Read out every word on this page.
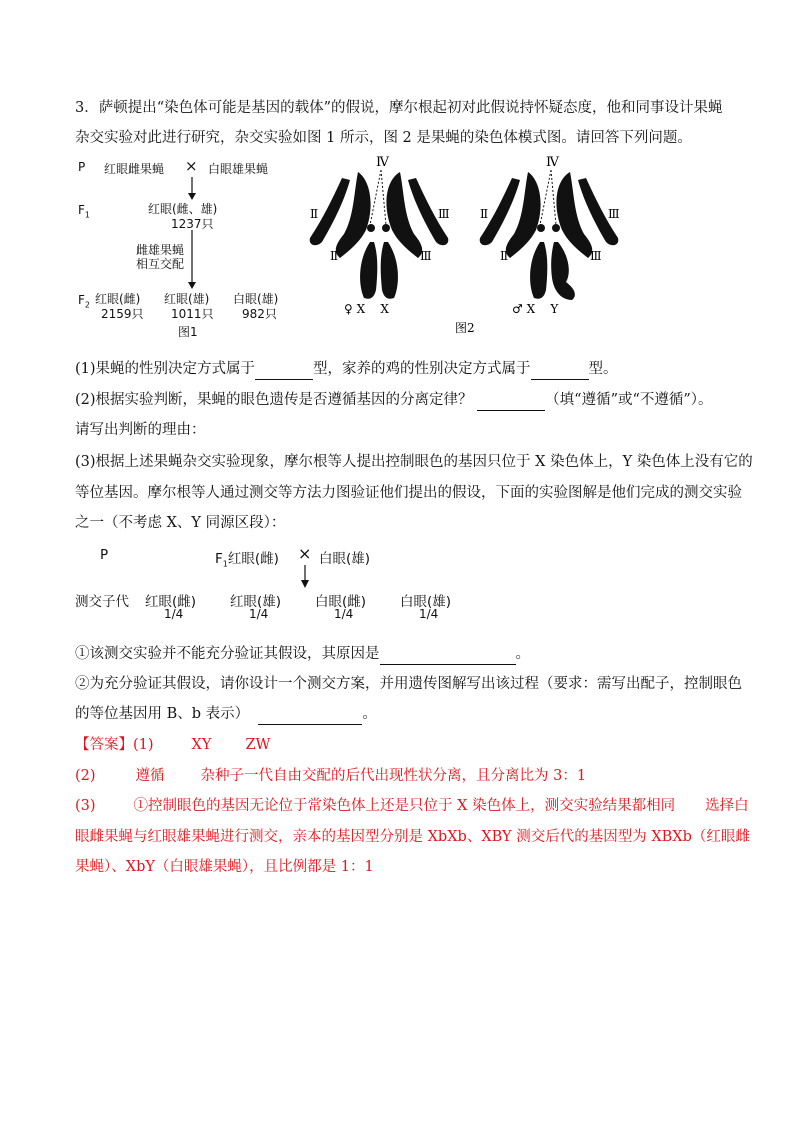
3．萨顿提出“染色体可能是基因的载体”的假说，摩尔根起初对此假说持怀疑态度，他和同事设计果蝇
杂交实验对此进行研究，杂交实验如图 1 所示，图 2 是果蝇的染色体模式图。请回答下列问题。
P 红眼雌果蝇 × 白眼雄果蝇
$F_1$	红眼(雌、雄)
1237只
雌雄果蝇
相互交配
$F_2$ 红眼(雌)
2159只
红眼(雄)
1011只
白眼(雄)
982只
图1
Ⅳ
Ⅱ	Ⅲ
Ⅱ	Ⅲ
♀ X    X
Ⅳ
Ⅱ	Ⅲ
Ⅱ	Ⅲ
♂ X    Y
图2
(1)果蝇的性别决定方式属于	型，家养的鸡的性别决定方式属于	型。
(2)根据实验判断，果蝇的眼色遗传是否遵循基因的分离定律？	（填“遵循”或“不遵循”）。
请写出判断的理由：
(3)根据上述果蝇杂交实验现象，摩尔根等人提出控制眼色的基因只位于 X 染色体上，Y 染色体上没有它的
等位基因。摩尔根等人通过测交等方法力图验证他们提出的假设，下面的实验图解是他们完成的测交实验
之一（不考虑 X、Y 同源区段）：
P	$F_1$红眼(雌) × 白眼(雄)
测交子代 红眼(雌)	红眼(雄)	白眼(雌)	白眼(雄)
1/4	1/4	1/4	1/4
①该测交实验并不能充分验证其假设，其原因是	。
②为充分验证其假设，请你设计一个测交方案，并用遗传图解写出该过程（要求：需写出配子，控制眼色
的等位基因用 B、b 表示）	。
【答案】(1)	XY ZW
(2)	遵循 杂种子一代自由交配的后代出现性状分离，且分离比为 3：1
(3)	①控制眼色的基因无论位于常染色体上还是只位于 X 染色体上，测交实验结果都相同 选择白
眼雌果蝇与红眼雄果蝇进行测交，亲本的基因型分别是 XbXb、XBY 测交后代的基因型为 XBXb（红眼雌
果蝇）、XbY（白眼雄果蝇），且比例都是 1：1
